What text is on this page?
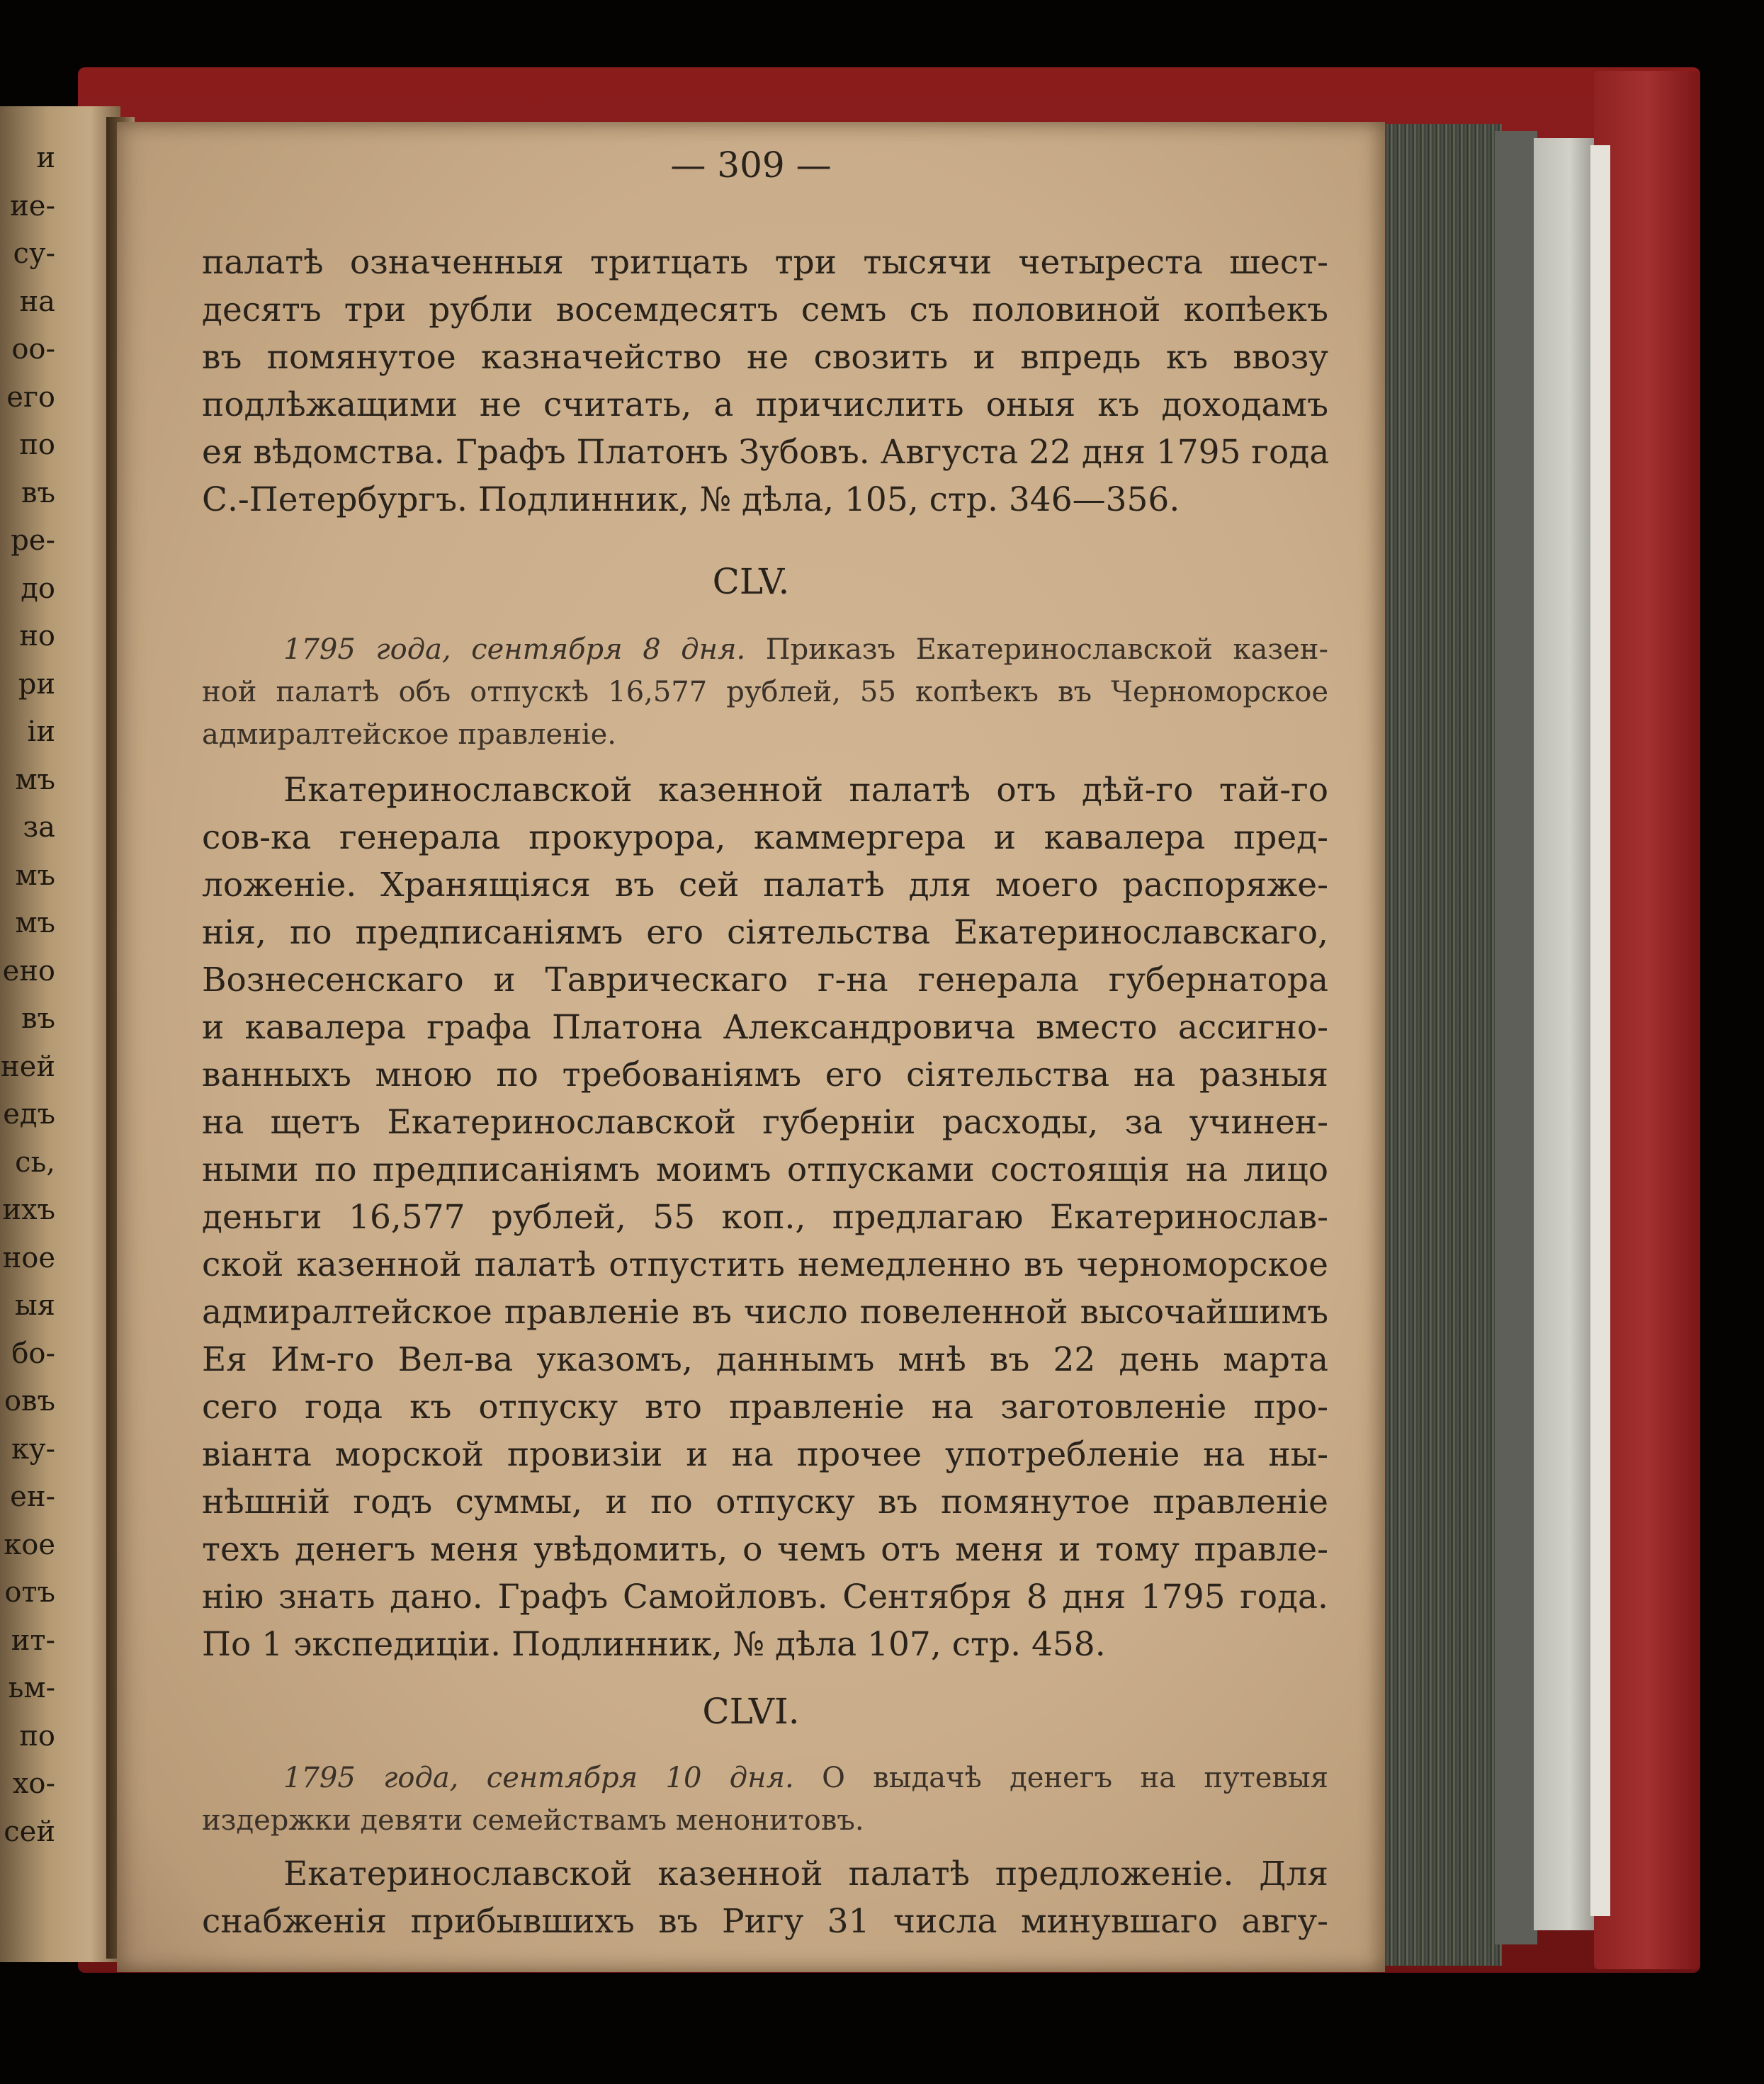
и
ие-
су-
на
оо-
его
по
въ
ре-
до
но
ри
іи
мъ
за
мъ
мъ
ено
въ
ней
едъ
сь,
ихъ
ное
ыя
бо-
овъ
ку-
ен-
кое
отъ
ит-
ьм-
по
хо-
сей
— 309 —
палатѣ означенныя тритцать три тысячи четыреста шест-
десятъ три рубли восемдесятъ семъ съ половиной копѣекъ
въ помянутое казначейство не свозить и впредь къ ввозу
подлѣжащими не считать, а причислить оныя къ доходамъ
ея вѣдомства. Графъ Платонъ Зубовъ. Августа 22 дня 1795 года
С.-Петербургъ. Подлинник, № дѣла, 105, стр. 346—356.
CLV.
1795 года, сентября 8 дня. Приказъ Екатеринославской казен-
ной палатѣ объ отпускѣ 16,577 рублей, 55 копѣекъ въ Черноморское
адмиралтейское правленіе.
Екатеринославской казенной палатѣ отъ дѣй-го тай-го
сов-ка генерала прокурора, каммергера и кавалера пред-
ложеніе. Хранящіяся въ сей палатѣ для моего распоряже-
нія, по предписаніямъ его сіятельства Екатеринославскаго,
Вознесенскаго и Таврическаго г-на генерала губернатора
и кавалера графа Платона Александровича вместо ассигно-
ванныхъ мною по требованіямъ его сіятельства на разныя
на щетъ Екатеринославской губерніи расходы, за учинен-
ными по предписаніямъ моимъ отпусками состоящія на лицо
деньги 16,577 рублей, 55 коп., предлагаю Екатеринослав-
ской казенной палатѣ отпустить немедленно въ черноморское
адмиралтейское правленіе въ число повеленной высочайшимъ
Ея Им-го Вел-ва указомъ, даннымъ мнѣ въ 22 день марта
сего года къ отпуску вто правленіе на заготовленіе про-
віанта морской провизіи и на прочее употребленіе на ны-
нѣшній годъ суммы, и по отпуску въ помянутое правленіе
техъ денегъ меня увѣдомить, о чемъ отъ меня и тому правле-
нію знать дано. Графъ Самойловъ. Сентября 8 дня 1795 года.
По 1 экспедиціи. Подлинник, № дѣла 107, стр. 458.
CLVI.
1795 года, сентября 10 дня. О выдачѣ денегъ на путевыя
издержки девяти семействамъ менонитовъ.
Екатеринославской казенной палатѣ предложеніе. Для
снабженія прибывшихъ въ Ригу 31 числа минувшаго авгу-
